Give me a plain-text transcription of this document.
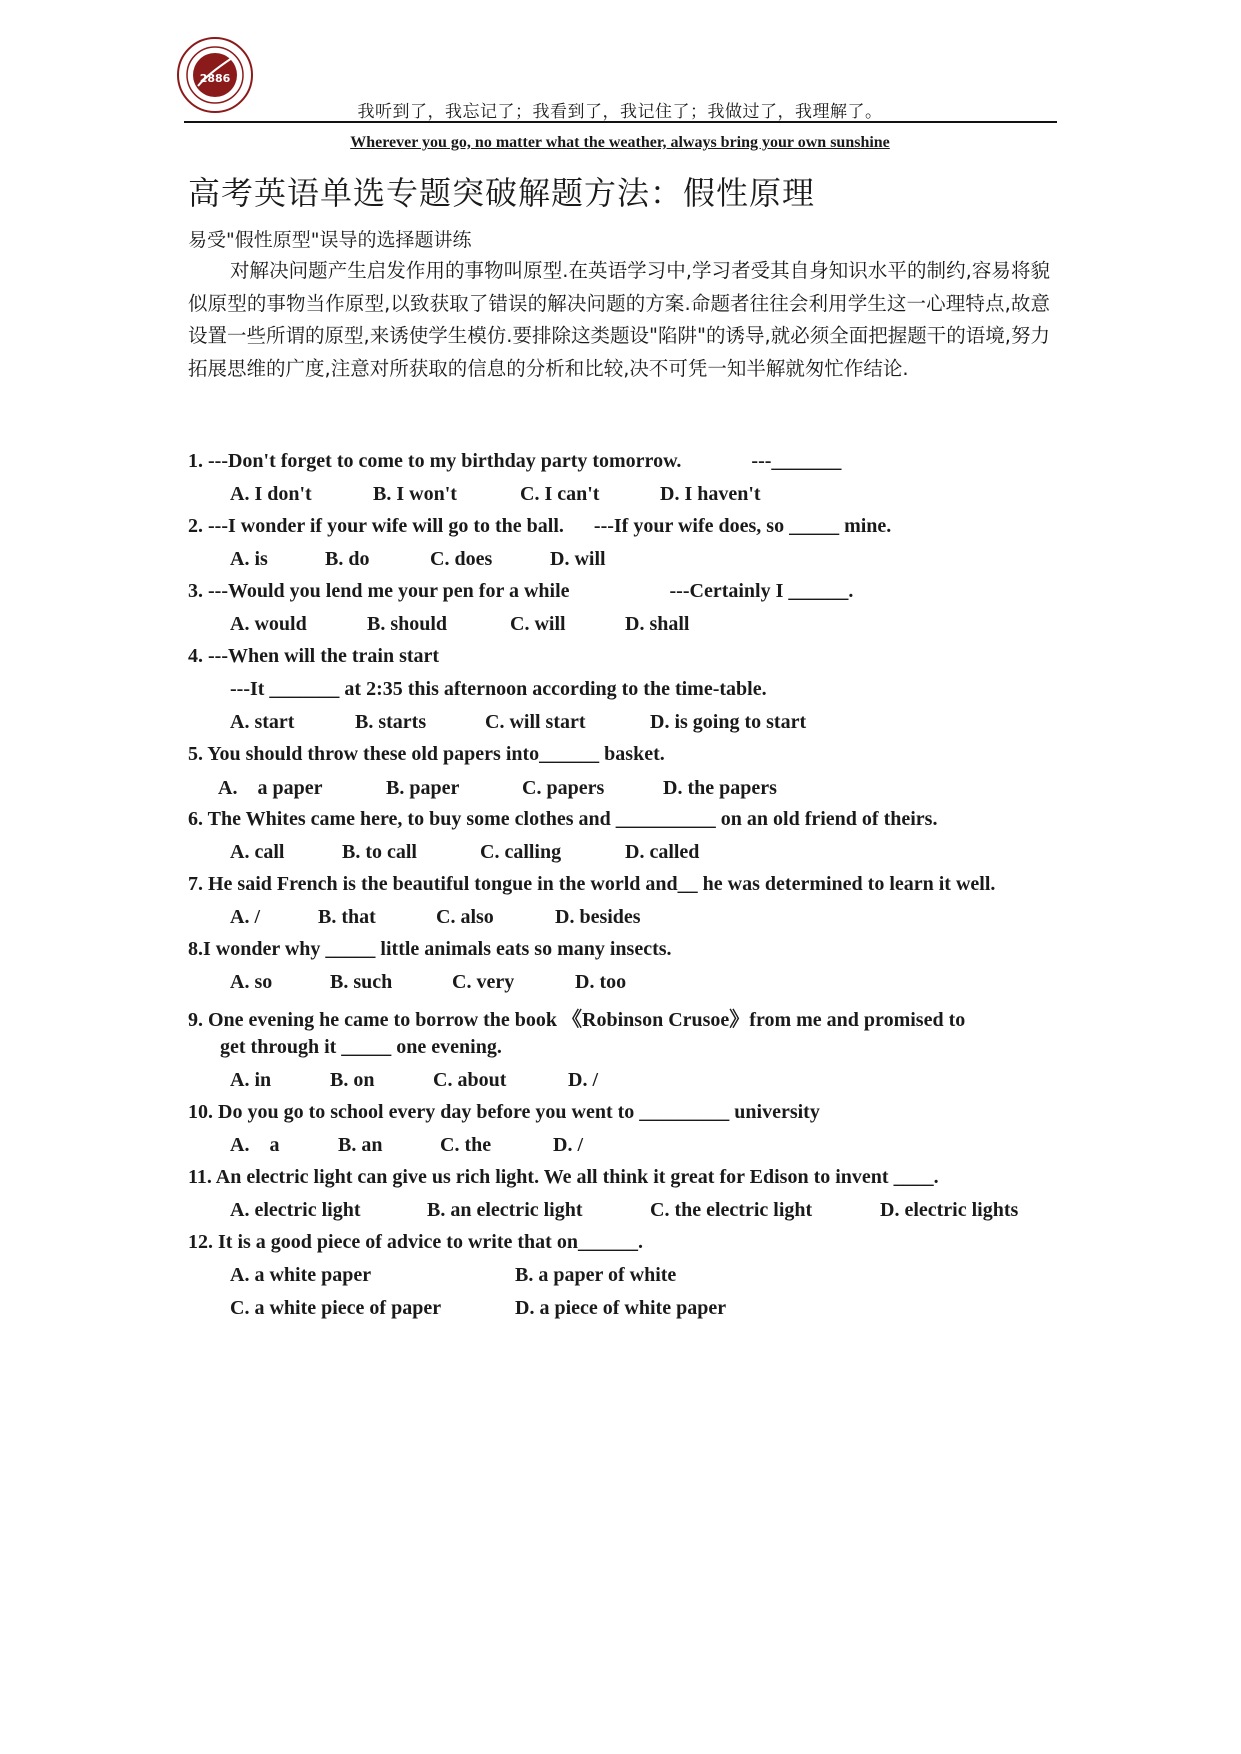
2886
我听到了，我忘记了；我看到了，我记住了；我做过了，我理解了。
Wherever you go, no matter what the weather, always bring your own sunshine
高考英语单选专题突破解题方法：假性原理
易受"假性原型"误导的选择题讲练
对解决问题产生启发作用的事物叫原型.在英语学习中,学习者受其自身知识水平的制约,容易将貌似原型的事物当作原型,以致获取了错误的解决问题的方案.命题者往往会利用学生这一心理特点,故意设置一些所谓的原型,来诱使学生模仿.要排除这类题设"陷阱"的诱导,就必须全面把握题干的语境,努力拓展思维的广度,注意对所获取的信息的分析和比较,决不可凭一知半解就匆忙作结论.
1. ---Don't forget to come to my birthday party tomorrow.              ---_______
A. I don't	B. I won't	C. I can't	D. I haven't
2. ---I wonder if your wife will go to the ball.      ---If your wife does, so _____ mine.
A. is	B. do	C. does	D. will
3. ---Would you lend me your pen for a while                    ---Certainly I ______.
A. would	B. should	C. will	D. shall
4. ---When will the train start
---It _______ at 2:35 this afternoon according to the time-table.
A. start	B. starts	C. will start	D. is going to start
5. You should throw these old papers into______ basket.
A.    a paper	B. paper	C. papers	D. the papers
6. The Whites came here, to buy some clothes and __________ on an old friend of theirs.
A. call	B. to call	C. calling	D. called
7. He said French is the beautiful tongue in the world and__ he was determined to learn it well.
A. /	B. that	C. also	D. besides
8.I wonder why _____ little animals eats so many insects.
A. so	B. such	C. very	D. too
9. One evening he came to borrow the book 《Robinson Crusoe》from me and promised to
get through it _____ one evening.
A. in	B. on	C. about	D. /
10. Do you go to school every day before you went to _________ university
A.    a	B. an	C. the	D. /
11. An electric light can give us rich light. We all think it great for Edison to invent ____.
A. electric light	B. an electric light	C. the electric light	D. electric lights
12. It is a good piece of advice to write that on______.
A. a white paper	B. a paper of white
C. a white piece of paper	D. a piece of white paper
